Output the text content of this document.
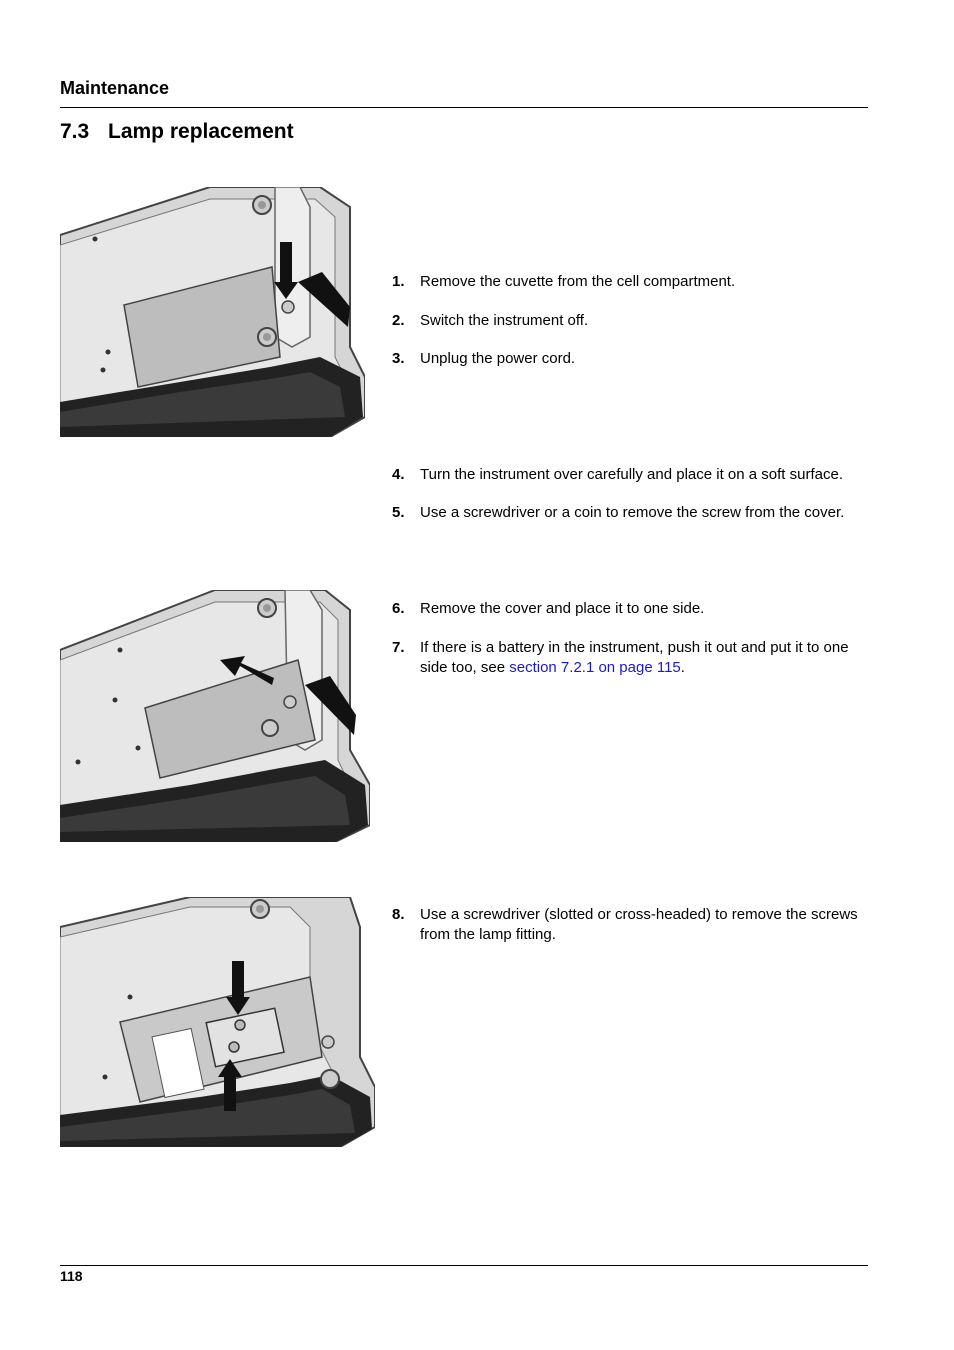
Maintenance
7.3 Lamp replacement
1. Remove the cuvette from the cell compartment.
2. Switch the instrument off.
3. Unplug the power cord.
4. Turn the instrument over carefully and place it on a soft surface.
5. Use a screwdriver or a coin to remove the screw from the cover.
6. Remove the cover and place it to one side.
7. If there is a battery in the instrument, push it out and put it to one side too, see section 7.2.1 on page 115.
8. Use a screwdriver (slotted or cross-headed) to remove the screws from the lamp fitting.
118
